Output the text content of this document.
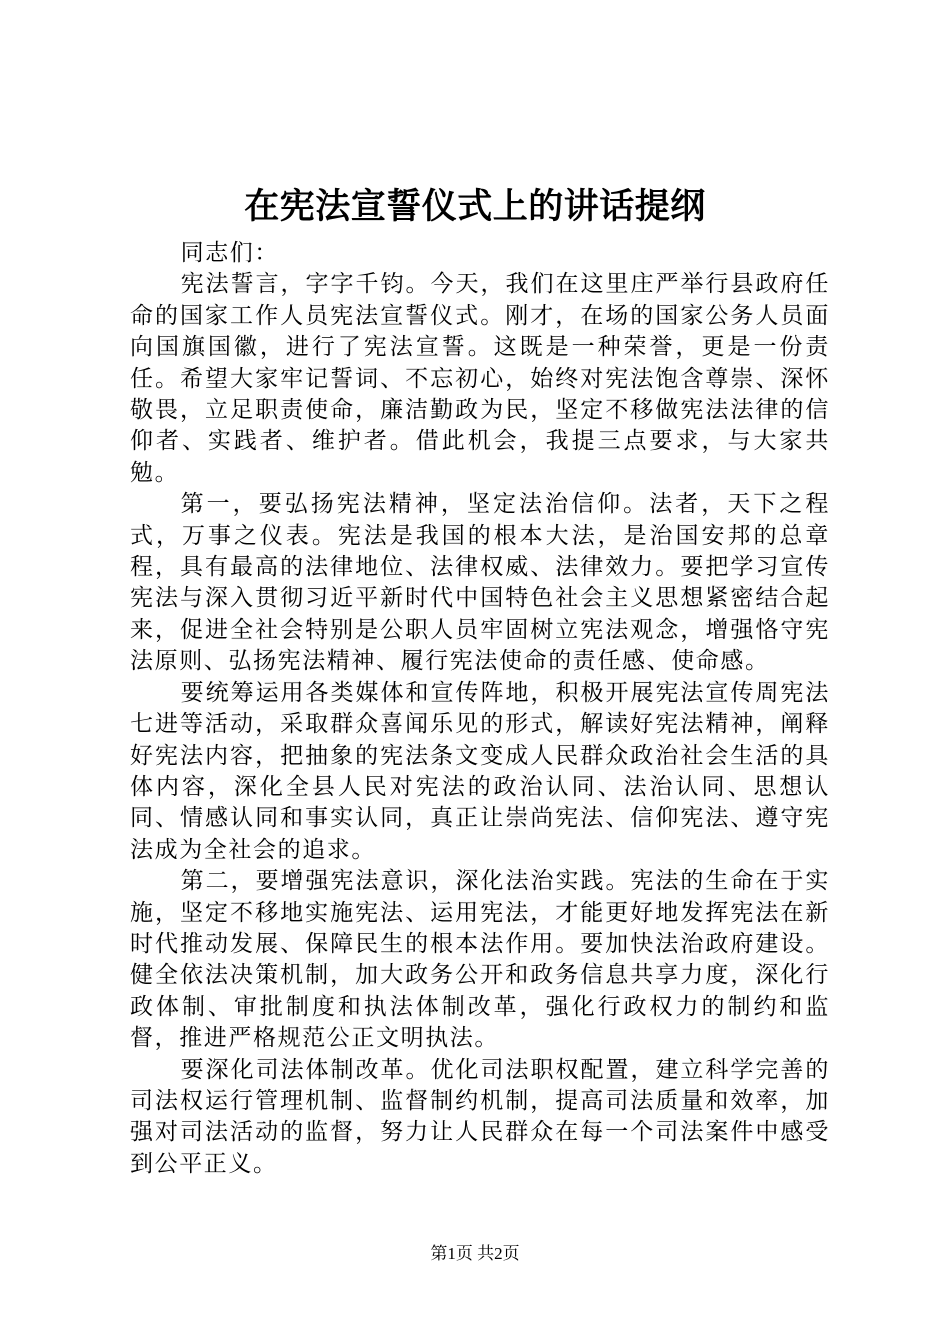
在宪法宣誓仪式上的讲话提纲

同志们：

宪法誓言，字字千钧。今天，我们在这里庄严举行县政府任命的国家工作人员宪法宣誓仪式。刚才，在场的国家公务人员面向国旗国徽，进行了宪法宣誓。这既是一种荣誉，更是一份责任。希望大家牢记誓词、不忘初心，始终对宪法饱含尊崇、深怀敬畏，立足职责使命，廉洁勤政为民，坚定不移做宪法法律的信仰者、实践者、维护者。借此机会，我提三点要求，与大家共勉。

第一，要弘扬宪法精神，坚定法治信仰。法者，天下之程式，万事之仪表。宪法是我国的根本大法，是治国安邦的总章程，具有最高的法律地位、法律权威、法律效力。要把学习宣传宪法与深入贯彻习近平新时代中国特色社会主义思想紧密结合起来，促进全社会特别是公职人员牢固树立宪法观念，增强恪守宪法原则、弘扬宪法精神、履行宪法使命的责任感、使命感。

要统筹运用各类媒体和宣传阵地，积极开展宪法宣传周宪法七进等活动，采取群众喜闻乐见的形式，解读好宪法精神，阐释好宪法内容，把抽象的宪法条文变成人民群众政治社会生活的具体内容，深化全县人民对宪法的政治认同、法治认同、思想认同、情感认同和事实认同，真正让崇尚宪法、信仰宪法、遵守宪法成为全社会的追求。

第二，要增强宪法意识，深化法治实践。宪法的生命在于实施，坚定不移地实施宪法、运用宪法，才能更好地发挥宪法在新时代推动发展、保障民生的根本法作用。要加快法治政府建设。健全依法决策机制，加大政务公开和政务信息共享力度，深化行政体制、审批制度和执法体制改革，强化行政权力的制约和监督，推进严格规范公正文明执法。

要深化司法体制改革。优化司法职权配置，建立科学完善的司法权运行管理机制、监督制约机制，提高司法质量和效率，加强对司法活动的监督，努力让人民群众在每一个司法案件中感受到公平正义。

第1页 共2页
